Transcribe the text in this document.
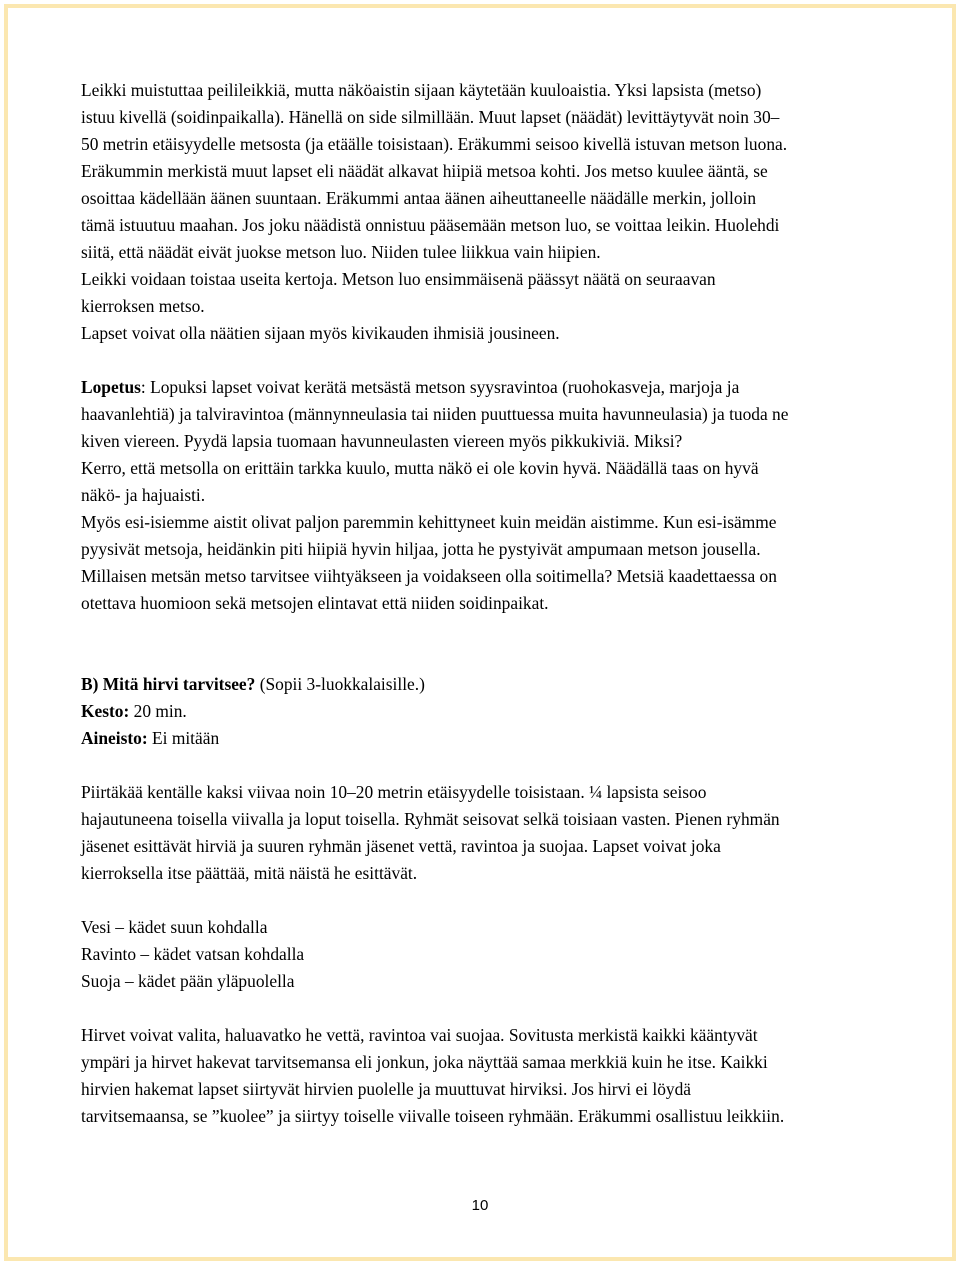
Leikki muistuttaa peilileikkiä, mutta näköaistin sijaan käytetään kuuloaistia. Yksi lapsista (metso)
istuu kivellä (soidinpaikalla). Hänellä on side silmillään. Muut lapset (näädät) levittäytyvät noin 30–
50 metrin etäisyydelle metsosta (ja etäälle toisistaan). Eräkummi seisoo kivellä istuvan metson luona.
Eräkummin merkistä muut lapset eli näädät alkavat hiipiä metsoa kohti. Jos metso kuulee ääntä, se
osoittaa kädellään äänen suuntaan. Eräkummi antaa äänen aiheuttaneelle näädälle merkin, jolloin
tämä istuutuu maahan. Jos joku näädistä onnistuu pääsemään metson luo, se voittaa leikin. Huolehdi
siitä, että näädät eivät juokse metson luo. Niiden tulee liikkua vain hiipien.
Leikki voidaan toistaa useita kertoja. Metson luo ensimmäisenä päässyt näätä on seuraavan
kierroksen metso.
Lapset voivat olla näätien sijaan myös kivikauden ihmisiä jousineen.
Lopetus: Lopuksi lapset voivat kerätä metsästä metson syysravintoa (ruohokasveja, marjoja ja
haavanlehtiä) ja talviravintoa (männynneulasia tai niiden puuttuessa muita havunneulasia) ja tuoda ne
kiven viereen. Pyydä lapsia tuomaan havunneulasten viereen myös pikkukiviä. Miksi?
Kerro, että metsolla on erittäin tarkka kuulo, mutta näkö ei ole kovin hyvä. Näädällä taas on hyvä
näkö- ja hajuaisti.
Myös esi-isiemme aistit olivat paljon paremmin kehittyneet kuin meidän aistimme. Kun esi-isämme
pyysivät metsoja, heidänkin piti hiipiä hyvin hiljaa, jotta he pystyivät ampumaan metson jousella.
Millaisen metsän metso tarvitsee viihtyäkseen ja voidakseen olla soitimella? Metsiä kaadettaessa on
otettava huomioon sekä metsojen elintavat että niiden soidinpaikat.
B) Mitä hirvi tarvitsee? (Sopii 3-luokkalaisille.)
Kesto: 20 min.
Aineisto: Ei mitään
Piirtäkää kentälle kaksi viivaa noin 10–20 metrin etäisyydelle toisistaan. ¼ lapsista seisoo
hajautuneena toisella viivalla ja loput toisella. Ryhmät seisovat selkä toisiaan vasten. Pienen ryhmän
jäsenet esittävät hirviä ja suuren ryhmän jäsenet vettä, ravintoa ja suojaa. Lapset voivat joka
kierroksella itse päättää, mitä näistä he esittävät.
Vesi – kädet suun kohdalla
Ravinto – kädet vatsan kohdalla
Suoja – kädet pään yläpuolella
Hirvet voivat valita, haluavatko he vettä, ravintoa vai suojaa. Sovitusta merkistä kaikki kääntyvät
ympäri ja hirvet hakevat tarvitsemansa eli jonkun, joka näyttää samaa merkkiä kuin he itse. Kaikki
hirvien hakemat lapset siirtyvät hirvien puolelle ja muuttuvat hirviksi. Jos hirvi ei löydä
tarvitsemaansa, se ”kuolee” ja siirtyy toiselle viivalle toiseen ryhmään. Eräkummi osallistuu leikkiin.
10
